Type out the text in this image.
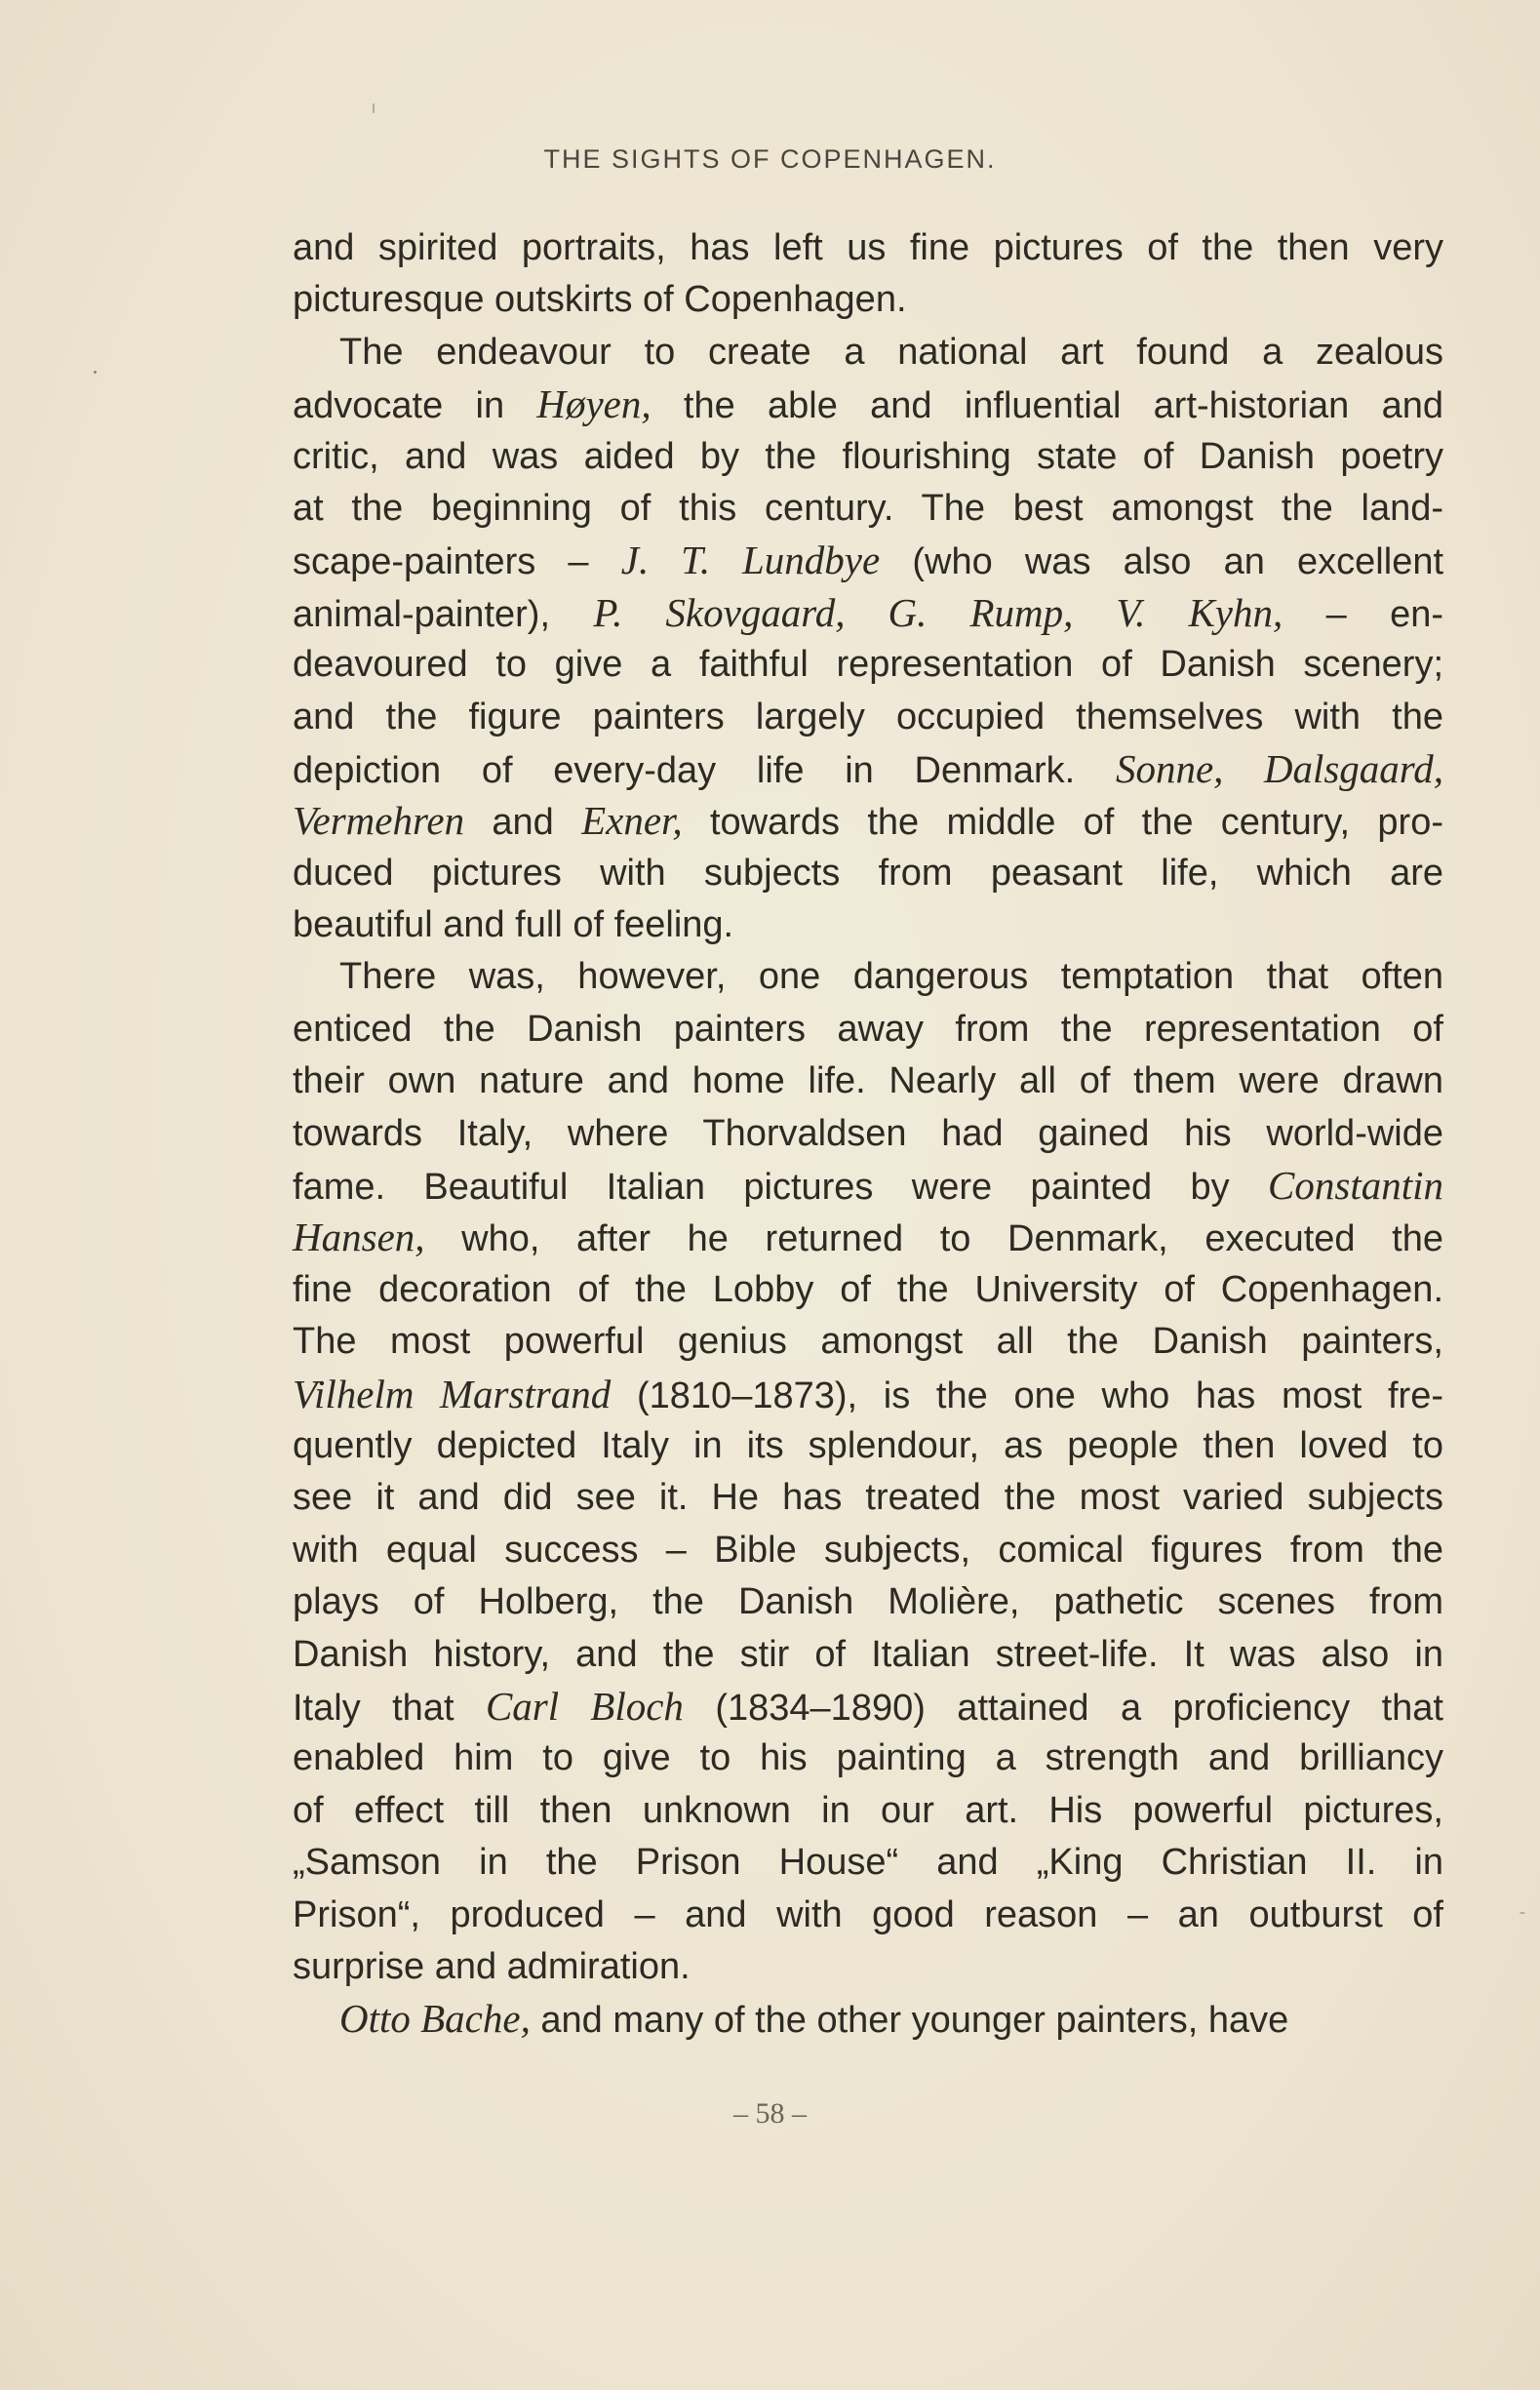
THE SIGHTS OF COPENHAGEN.
and spirited portraits, has left us fine pictures of the then very
picturesque outskirts of Copenhagen.
The endeavour to create a national art found a zealous
advocate in Høyen, the able and influential art-historian and
critic, and was aided by the flourishing state of Danish poetry
at the beginning of this century. The best amongst the land-
scape-painters – J. T. Lundbye (who was also an excellent
animal-painter), P. Skovgaard, G. Rump, V. Kyhn, – en-
deavoured to give a faithful representation of Danish scenery;
and the figure painters largely occupied themselves with the
depiction of every-day life in Denmark. Sonne, Dalsgaard,
Vermehren and Exner, towards the middle of the century, pro-
duced pictures with subjects from peasant life, which are
beautiful and full of feeling.
There was, however, one dangerous temptation that often
enticed the Danish painters away from the representation of
their own nature and home life. Nearly all of them were drawn
towards Italy, where Thorvaldsen had gained his world-wide
fame. Beautiful Italian pictures were painted by Constantin
Hansen, who, after he returned to Denmark, executed the
fine decoration of the Lobby of the University of Copenhagen.
The most powerful genius amongst all the Danish painters,
Vilhelm Marstrand (1810–1873), is the one who has most fre-
quently depicted Italy in its splendour, as people then loved to
see it and did see it. He has treated the most varied subjects
with equal success – Bible subjects, comical figures from the
plays of Holberg, the Danish Molière, pathetic scenes from
Danish history, and the stir of Italian street-life. It was also in
Italy that Carl Bloch (1834–1890) attained a proficiency that
enabled him to give to his painting a strength and brilliancy
of effect till then unknown in our art. His powerful pictures,
„Samson in the Prison House“ and „King Christian II. in
Prison“, produced – and with good reason – an outburst of
surprise and admiration.
Otto Bache, and many of the other younger painters, have
– 58 –
